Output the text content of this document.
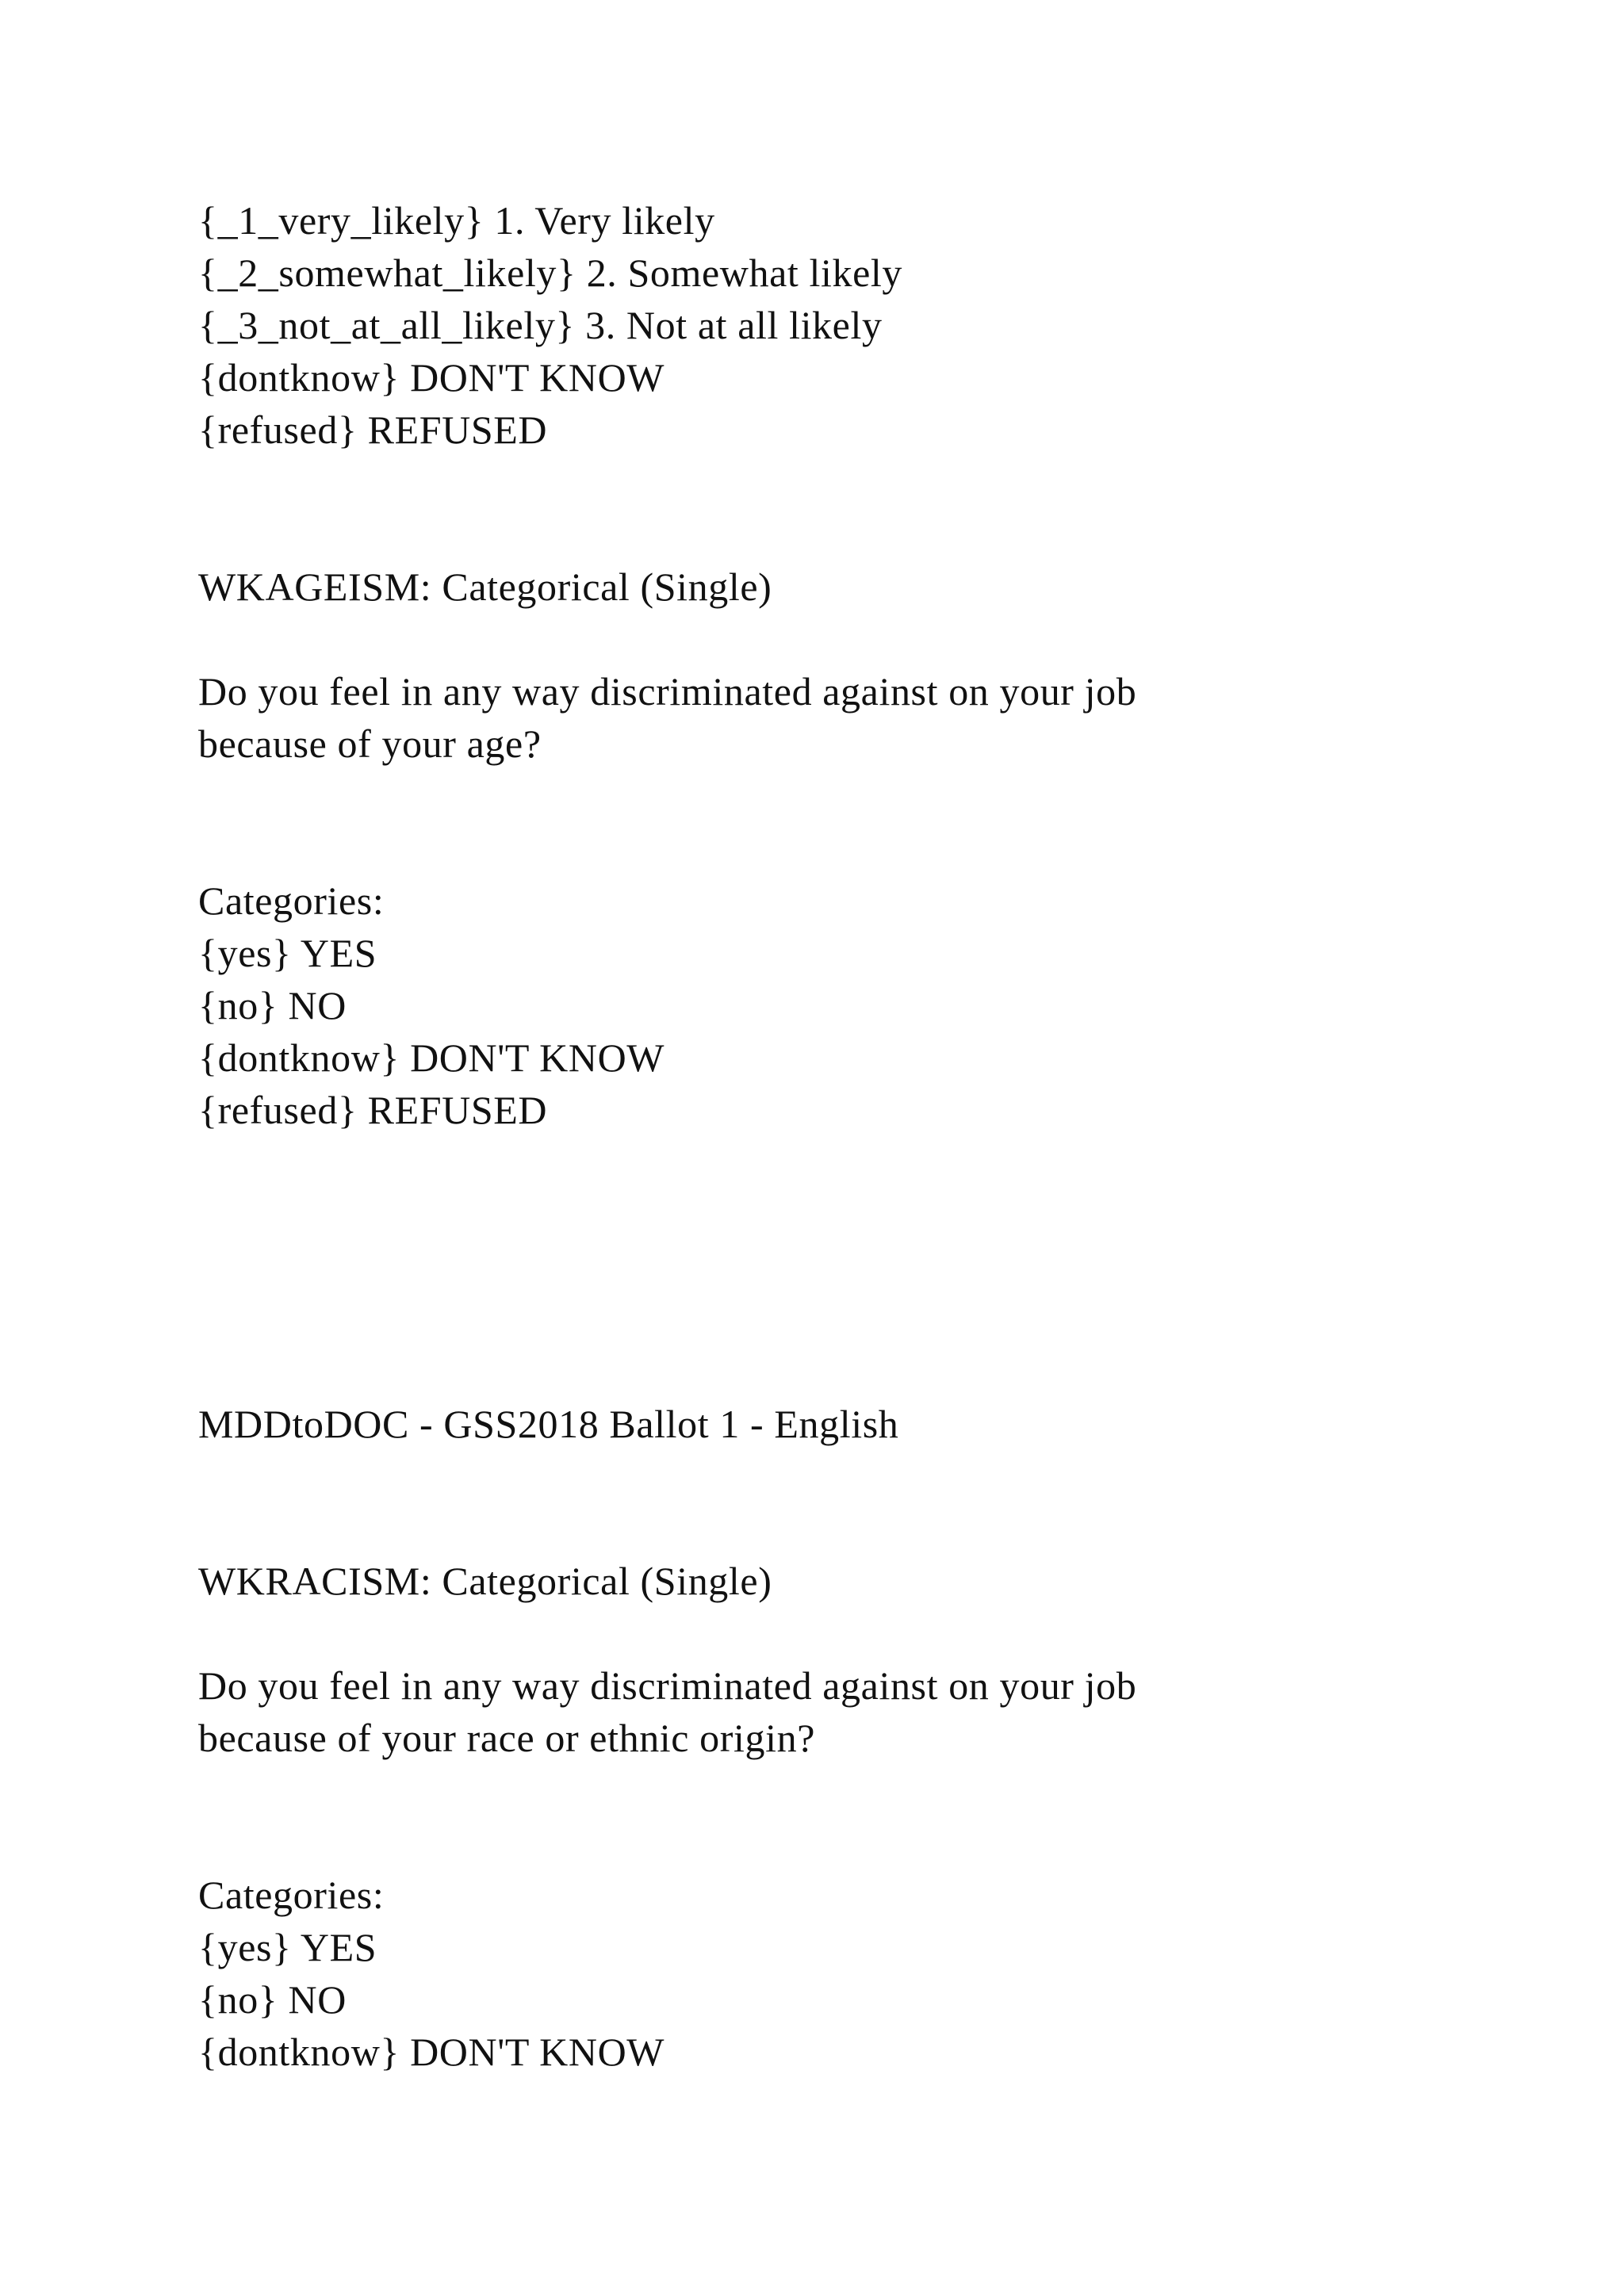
{_1_very_likely} 1. Very likely
{_2_somewhat_likely} 2. Somewhat likely
{_3_not_at_all_likely} 3. Not at all likely
{dontknow} DON'T KNOW
{refused} REFUSED
WKAGEISM: Categorical (Single)
Do you feel in any way discriminated against on your job
because of your age?
Categories:
{yes} YES
{no} NO
{dontknow} DON'T KNOW
{refused} REFUSED
MDDtoDOC - GSS2018 Ballot 1 - English
WKRACISM: Categorical (Single)
Do you feel in any way discriminated against on your job
because of your race or ethnic origin?
Categories:
{yes} YES
{no} NO
{dontknow} DON'T KNOW
